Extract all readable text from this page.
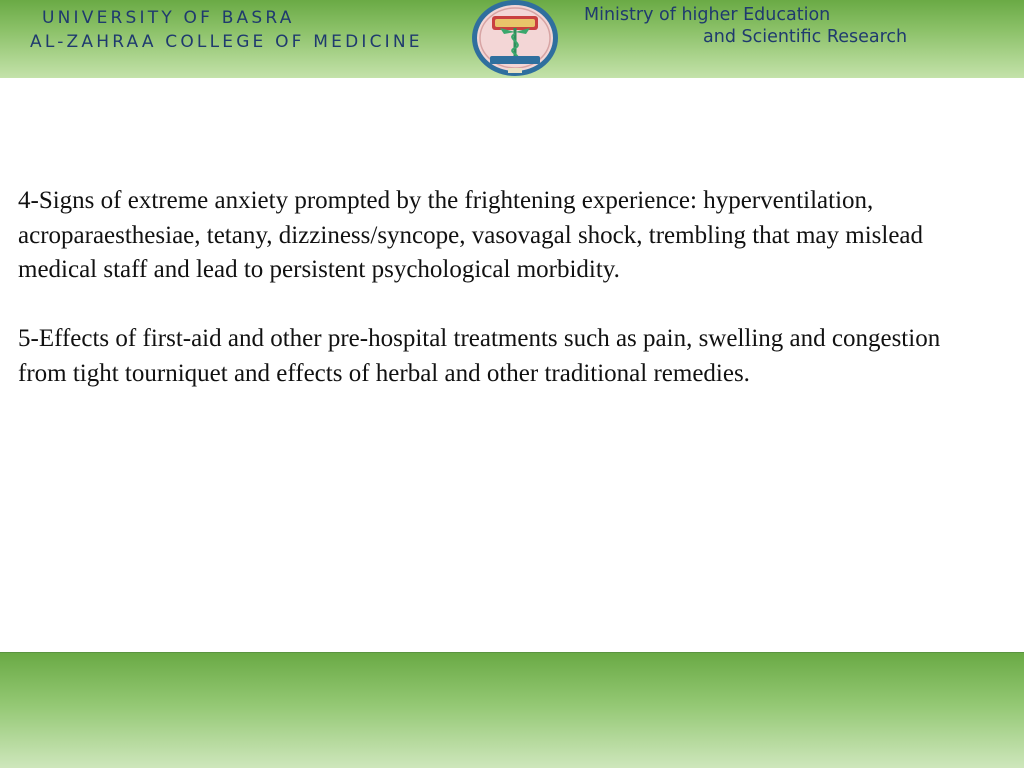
UNIVERSITY OF BASRA
AL-ZAHRAA COLLEGE OF MEDICINE
Ministry of higher Education
and Scientific Research

4-Signs of extreme anxiety prompted by the frightening experience: hyperventilation, acroparaesthesiae, tetany, dizziness/syncope, vasovagal shock, trembling that may mislead medical staff and lead to persistent psychological morbidity.

5-Effects of first-aid and other pre-hospital treatments such as pain, swelling and congestion from tight tourniquet and effects of herbal and other traditional remedies.
